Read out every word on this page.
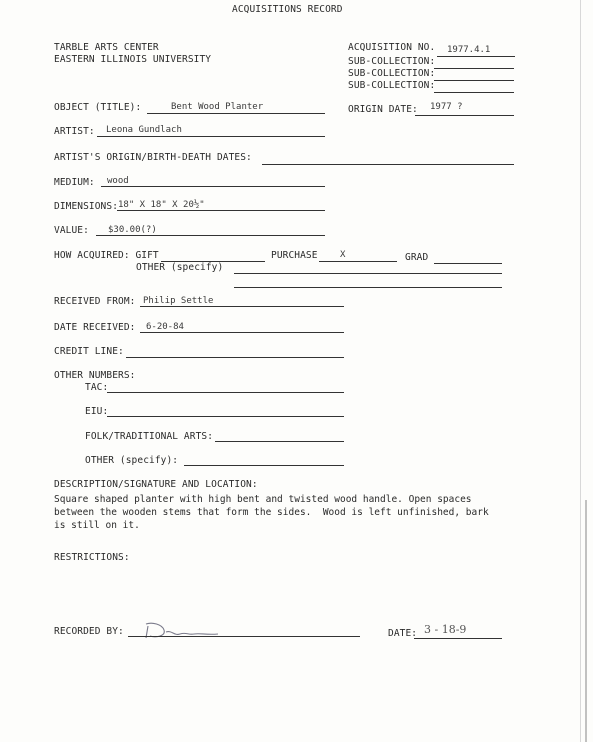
ACQUISITIONS RECORD
TARBLE ARTS CENTER
EASTERN ILLINOIS UNIVERSITY
ACQUISITION NO. 1977.4.1
SUB-COLLECTION:
SUB-COLLECTION:
SUB-COLLECTION:
OBJECT (TITLE):	Bent Wood Planter	ORIGIN DATE: 1977 ?
ARTIST: Leona Gundlach
ARTIST'S ORIGIN/BIRTH-DEATH DATES:
MEDIUM: wood
DIMENSIONS: 18" X 18" X 20½"
VALUE: $30.00(?)
HOW ACQUIRED: GIFT	PURCHASE X	GRAD
OTHER (specify)
RECEIVED FROM: Philip Settle
DATE RECEIVED: 6-20-84
CREDIT LINE:
OTHER NUMBERS:
TAC:
EIU:
FOLK/TRADITIONAL ARTS:
OTHER (specify):
DESCRIPTION/SIGNATURE AND LOCATION:
Square shaped planter with high bent and twisted wood handle. Open spaces
between the wooden stems that form the sides.  Wood is left unfinished, bark
is still on it.
RESTRICTIONS:
RECORDED BY:	DATE: 3 - 18-9
